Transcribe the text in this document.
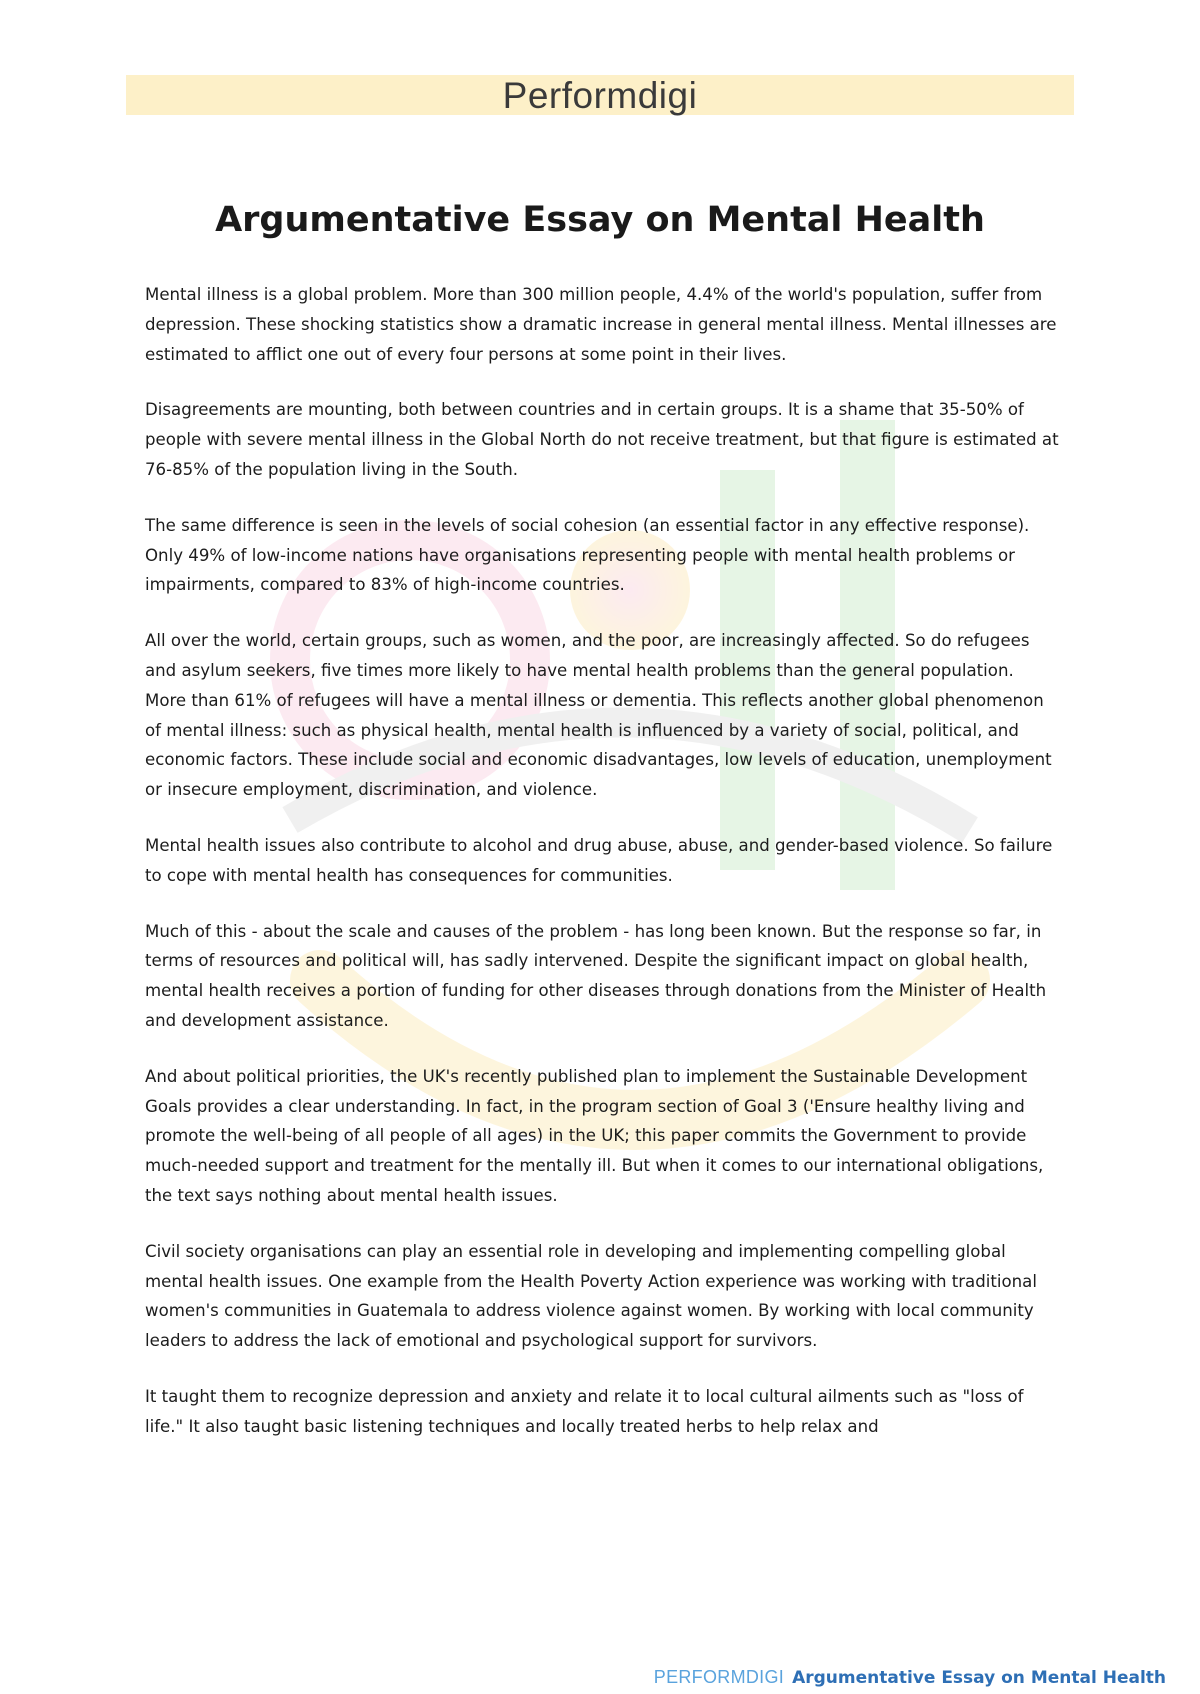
Performdigi
Argumentative Essay on Mental Health

Mental illness is a global problem. More than 300 million people, 4.4% of the world's population, suffer from depression. These shocking statistics show a dramatic increase in general mental illness. Mental illnesses are estimated to afflict one out of every four persons at some point in their lives.

Disagreements are mounting, both between countries and in certain groups. It is a shame that 35-50% of people with severe mental illness in the Global North do not receive treatment, but that figure is estimated at 76-85% of the population living in the South.

The same difference is seen in the levels of social cohesion (an essential factor in any effective response). Only 49% of low-income nations have organisations representing people with mental health problems or impairments, compared to 83% of high-income countries.

All over the world, certain groups, such as women, and the poor, are increasingly affected. So do refugees and asylum seekers, five times more likely to have mental health problems than the general population. More than 61% of refugees will have a mental illness or dementia. This reflects another global phenomenon of mental illness: such as physical health, mental health is influenced by a variety of social, political, and economic factors. These include social and economic disadvantages, low levels of education, unemployment or insecure employment, discrimination, and violence.

Mental health issues also contribute to alcohol and drug abuse, abuse, and gender-based violence. So failure to cope with mental health has consequences for communities.

Much of this - about the scale and causes of the problem - has long been known. But the response so far, in terms of resources and political will, has sadly intervened. Despite the significant impact on global health, mental health receives a portion of funding for other diseases through donations from the Minister of Health and development assistance.

And about political priorities, the UK's recently published plan to implement the Sustainable Development Goals provides a clear understanding. In fact, in the program section of Goal 3 ('Ensure healthy living and promote the well-being of all people of all ages) in the UK; this paper commits the Government to provide much-needed support and treatment for the mentally ill. But when it comes to our international obligations, the text says nothing about mental health issues.

Civil society organisations can play an essential role in developing and implementing compelling global mental health issues. One example from the Health Poverty Action experience was working with traditional women's communities in Guatemala to address violence against women. By working with local community leaders to address the lack of emotional and psychological support for survivors.

It taught them to recognize depression and anxiety and relate it to local cultural ailments such as "loss of life." It also taught basic listening techniques and locally treated herbs to help relax and

PERFORMDIGI Argumentative Essay on Mental Health
